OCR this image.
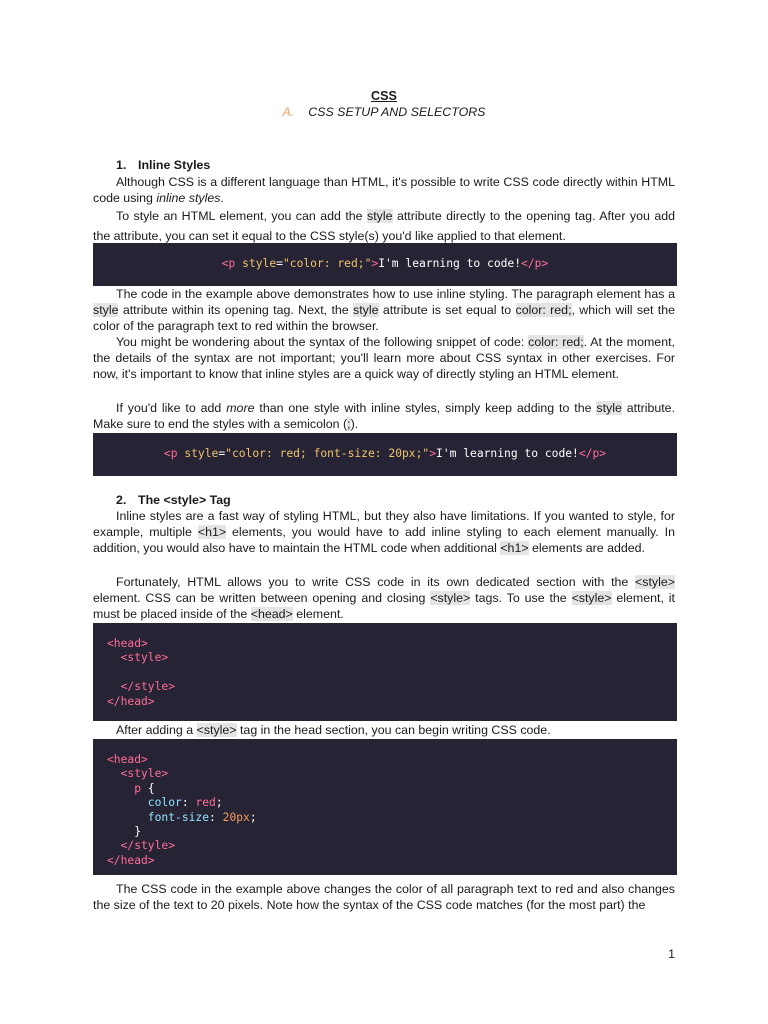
CSS
A. CSS SETUP AND SELECTORS
1. Inline Styles
Although CSS is a different language than HTML, it's possible to write CSS code directly within HTML code using inline styles.
To style an HTML element, you can add the style attribute directly to the opening tag. After you add the attribute, you can set it equal to the CSS style(s) you'd like applied to that element.
The code in the example above demonstrates how to use inline styling. The paragraph element has a style attribute within its opening tag. Next, the style attribute is set equal to color: red;, which will set the color of the paragraph text to red within the browser.
You might be wondering about the syntax of the following snippet of code: color: red;. At the moment, the details of the syntax are not important; you'll learn more about CSS syntax in other exercises. For now, it's important to know that inline styles are a quick way of directly styling an HTML element.
If you'd like to add more than one style with inline styles, simply keep adding to the style attribute. Make sure to end the styles with a semicolon (;).
2. The <style> Tag
Inline styles are a fast way of styling HTML, but they also have limitations. If you wanted to style, for example, multiple <h1> elements, you would have to add inline styling to each element manually. In addition, you would also have to maintain the HTML code when additional <h1> elements are added.
Fortunately, HTML allows you to write CSS code in its own dedicated section with the <style> element. CSS can be written between opening and closing <style> tags. To use the <style> element, it must be placed inside of the <head> element.
After adding a <style> tag in the head section, you can begin writing CSS code.
The CSS code in the example above changes the color of all paragraph text to red and also changes the size of the text to 20 pixels. Note how the syntax of the CSS code matches (for the most part) the
<p style="color: red;">I'm learning to code!</p>
<p style="color: red; font-size: 20px;">I'm learning to code!</p>
<head>
<style>
</style>
</head>
<head>
<style>
p {
color: red;
font-size: 20px;
}
</style>
</head>
1
